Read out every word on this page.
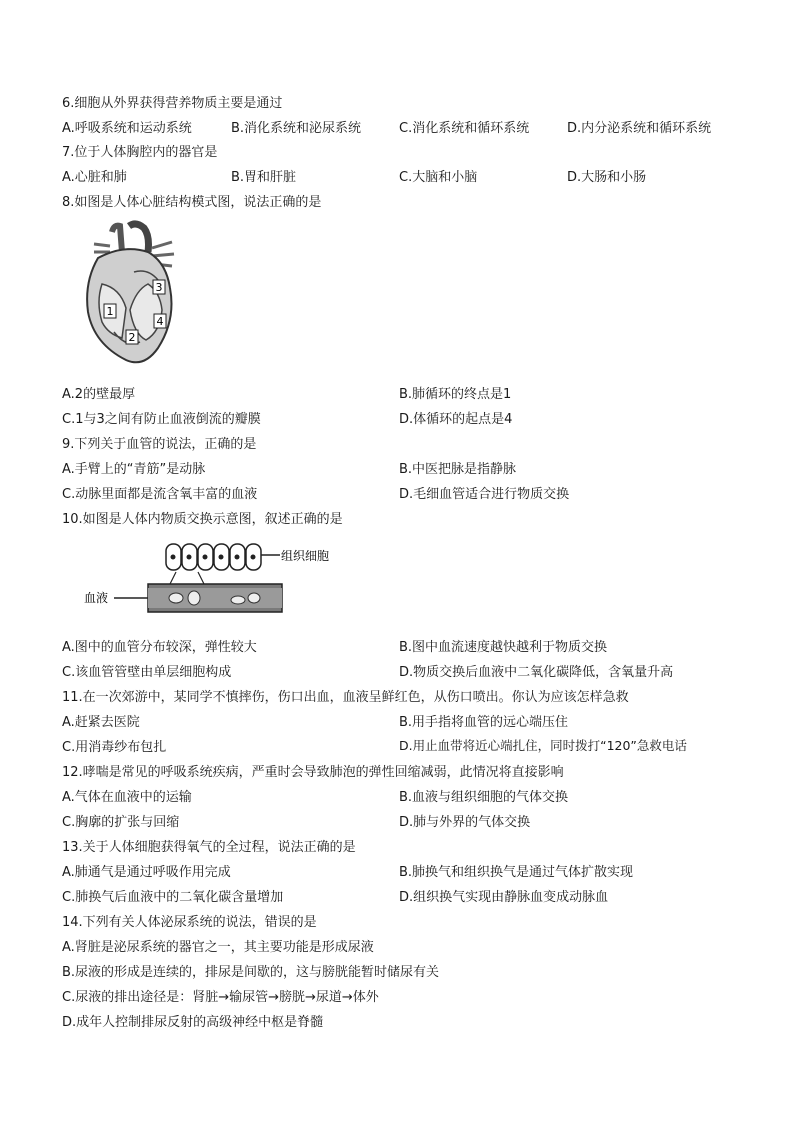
6.细胞从外界获得营养物质主要是通过
A.呼吸系统和运动系统	B.消化系统和泌尿系统	C.消化系统和循环系统	D.内分泌系统和循环系统
7.位于人体胸腔内的器官是
A.心脏和肺	B.胃和肝脏	C.大脑和小脑	D.大肠和小肠
8.如图是人体心脏结构模式图，说法正确的是
1
2
3
4
A.2的壁最厚	B.肺循环的终点是1
C.1与3之间有防止血液倒流的瓣膜	D.体循环的起点是4
9.下列关于血管的说法，正确的是
A.手臂上的“青筋”是动脉	B.中医把脉是指静脉
C.动脉里面都是流含氧丰富的血液	D.毛细血管适合进行物质交换
10.如图是人体内物质交换示意图，叙述正确的是
组织细胞
血液
A.图中的血管分布较深，弹性较大	B.图中血流速度越快越利于物质交换
C.该血管管壁由单层细胞构成	D.物质交换后血液中二氧化碳降低，含氧量升高
11.在一次郊游中，某同学不慎摔伤，伤口出血，血液呈鲜红色，从伤口喷出。你认为应该怎样急救
A.赶紧去医院	B.用手指将血管的远心端压住
C.用消毒纱布包扎	D.用止血带将近心端扎住，同时拨打“120”急救电话
12.哮喘是常见的呼吸系统疾病，严重时会导致肺泡的弹性回缩减弱，此情况将直接影响
A.气体在血液中的运输	B.血液与组织细胞的气体交换
C.胸廓的扩张与回缩	D.肺与外界的气体交换
13.关于人体细胞获得氧气的全过程，说法正确的是
A.肺通气是通过呼吸作用完成	B.肺换气和组织换气是通过气体扩散实现
C.肺换气后血液中的二氧化碳含量增加	D.组织换气实现由静脉血变成动脉血
14.下列有关人体泌尿系统的说法，错误的是
A.肾脏是泌尿系统的器官之一，其主要功能是形成尿液
B.尿液的形成是连续的，排尿是间歇的，这与膀胱能暂时储尿有关
C.尿液的排出途径是：肾脏→输尿管→膀胱→尿道→体外
D.成年人控制排尿反射的高级神经中枢是脊髓
